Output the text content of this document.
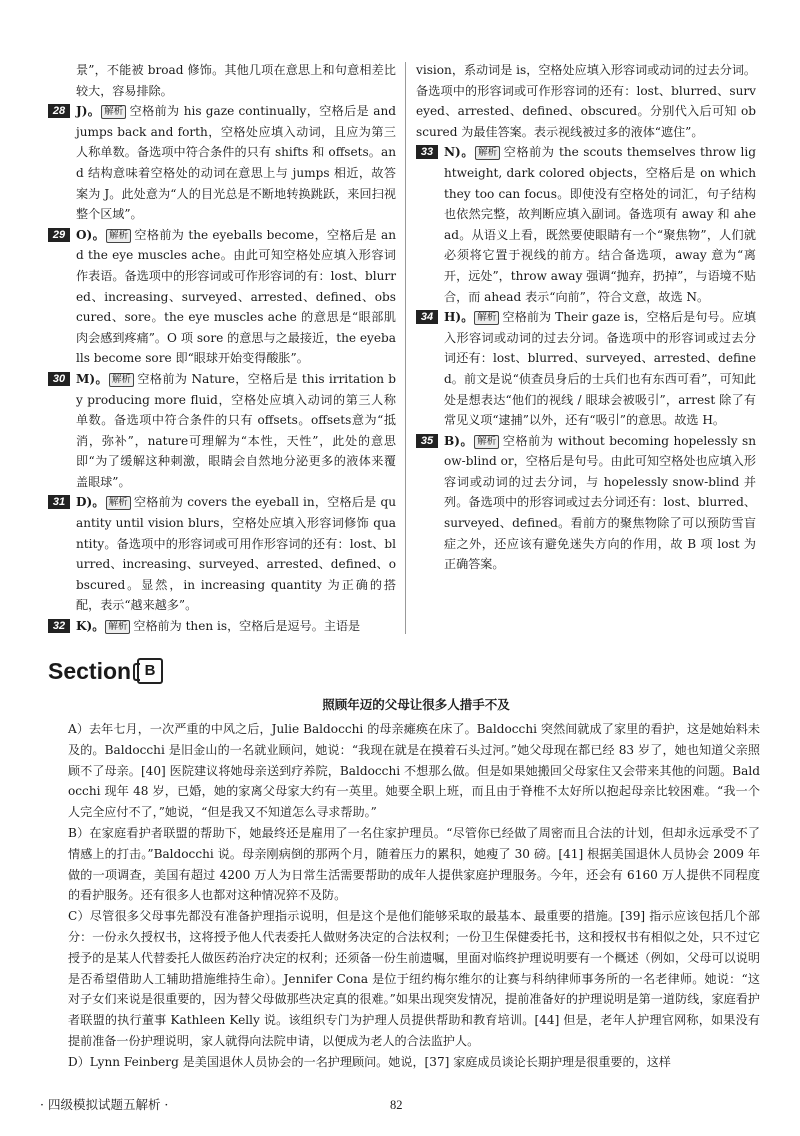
景”，不能被 broad 修饰。其他几项在意思上和句意相差比较大，容易排除。

28 J)。 解析 空格前为 his gaze continually，空格后是 and jumps back and forth，空格处应填入动词，且应为第三人称单数。备选项中符合条件的只有 shifts 和 offsets。and 结构意味着空格处的动词在意思上与 jumps 相近，故答案为 J。此处意为“人的目光总是不断地转换跳跃，来回扫视整个区域”。

29 O)。 解析 空格前为 the eyeballs become，空格后是 and the eye muscles ache。由此可知空格处应填入形容词作表语。备选项中的形容词或可作形容词的有：lost、blurred、increasing、surveyed、arrested、defined、obscured、sore。the eye muscles ache 的意思是“眼部肌肉会感到疼痛”。O 项 sore 的意思与之最接近，the eyeballs become sore 即“眼球开始变得酸胀”。

30 M)。 解析 空格前为 Nature，空格后是 this irritation by producing more fluid，空格处应填入动词的第三人称单数。备选项中符合条件的只有 offsets。offsets意为“抵消，弥补”，nature可理解为“本性，天性”，此处的意思即“为了缓解这种刺激，眼睛会自然地分泌更多的液体来覆盖眼球”。

31 D)。 解析 空格前为 covers the eyeball in，空格后是 quantity until vision blurs，空格处应填入形容词修饰 quantity。备选项中的形容词或可用作形容词的还有：lost、blurred、increasing、surveyed、arrested、defined、obscured。显然，in increasing quantity 为正确的搭配，表示“越来越多”。

32 K)。 解析 空格前为 then is，空格后是逗号。主语是

vision，系动词是 is，空格处应填入形容词或动词的过去分词。备选项中的形容词或可作形容词的还有：lost、blurred、surveyed、arrested、defined、obscured。分别代入后可知 obscured 为最佳答案。表示视线被过多的液体“遮住”。

33 N)。 解析 空格前为 the scouts themselves throw lightweight, dark colored objects，空格后是 on which they too can focus。即使没有空格处的词汇，句子结构也依然完整，故判断应填入副词。备选项有 away 和 ahead。从语义上看，既然要使眼睛有一个“聚焦物”，人们就必须将它置于视线的前方。结合备选项，away 意为“离开，远处”，throw away 强调“抛弃，扔掉”，与语境不贴合，而 ahead 表示“向前”，符合文意，故选 N。

34 H)。 解析 空格前为 Their gaze is，空格后是句号。应填入形容词或动词的过去分词。备选项中的形容词或过去分词还有：lost、blurred、surveyed、arrested、defined。前文是说“侦查员身后的士兵们也有东西可看”，可知此处是想表达“他们的视线 / 眼球会被吸引”，arrest 除了有常见义项“逮捕”以外，还有“吸引”的意思。故选 H。

35 B)。 解析 空格前为 without becoming hopelessly snow-blind or，空格后是句号。由此可知空格处也应填入形容词或动词的过去分词，与 hopelessly snow-blind 并列。备选项中的形容词或过去分词还有：lost、blurred、surveyed、defined。看前方的聚焦物除了可以预防雪盲症之外，还应该有避免迷失方向的作用，故 B 项 lost 为正确答案。

Section B

照顾年迈的父母让很多人措手不及

A）去年七月，一次严重的中风之后，Julie Baldocchi 的母亲瘫痪在床了。Baldocchi 突然间就成了家里的看护，这是她始料未及的。Baldocchi 是旧金山的一名就业顾问，她说：“我现在就是在摸着石头过河。”她父母现在都已经 83 岁了，她也知道父亲照顾不了母亲。[40] 医院建议将她母亲送到疗养院，Baldocchi 不想那么做。但是如果她搬回父母家住又会带来其他的问题。Baldocchi 现年 48 岁，已婚，她的家离父母家大约有一英里。她要全职上班，而且由于脊椎不太好所以抱起母亲比较困难。“我一个人完全应付不了，”她说，“但是我又不知道怎么寻求帮助。”

B）在家庭看护者联盟的帮助下，她最终还是雇用了一名住家护理员。“尽管你已经做了周密而且合法的计划，但却永远承受不了情感上的打击。”Baldocchi 说。母亲刚病倒的那两个月，随着压力的累积，她瘦了 30 磅。[41] 根据美国退休人员协会 2009 年做的一项调查，美国有超过 4200 万人为日常生活需要帮助的成年人提供家庭护理服务。今年，还会有 6160 万人提供不同程度的看护服务。还有很多人也都对这种情况猝不及防。

C）尽管很多父母事先都没有准备护理指示说明，但是这个是他们能够采取的最基本、最重要的措施。[39] 指示应该包括几个部分：一份永久授权书，这将授予他人代表委托人做财务决定的合法权利；一份卫生保健委托书，这和授权书有相似之处，只不过它授予的是某人代替委托人做医药治疗决定的权利；还须备一份生前遗嘱，里面对临终护理说明要有一个概述（例如，父母可以说明是否希望借助人工辅助措施维持生命）。Jennifer Cona 是位于纽约梅尔维尔的让赛与科纳律师事务所的一名老律师。她说：“这对子女们来说是很重要的，因为替父母做那些决定真的很难。”如果出现突发情况，提前准备好的护理说明是第一道防线，家庭看护者联盟的执行董事 Kathleen Kelly 说。该组织专门为护理人员提供帮助和教育培训。[44] 但是，老年人护理官网称，如果没有提前准备一份护理说明，家人就得向法院申请，以便成为老人的合法监护人。

D）Lynn Feinberg 是美国退休人员协会的一名护理顾问。她说，[37] 家庭成员谈论长期护理是很重要的，这样

· 四级模拟试题五解析 ·	82
